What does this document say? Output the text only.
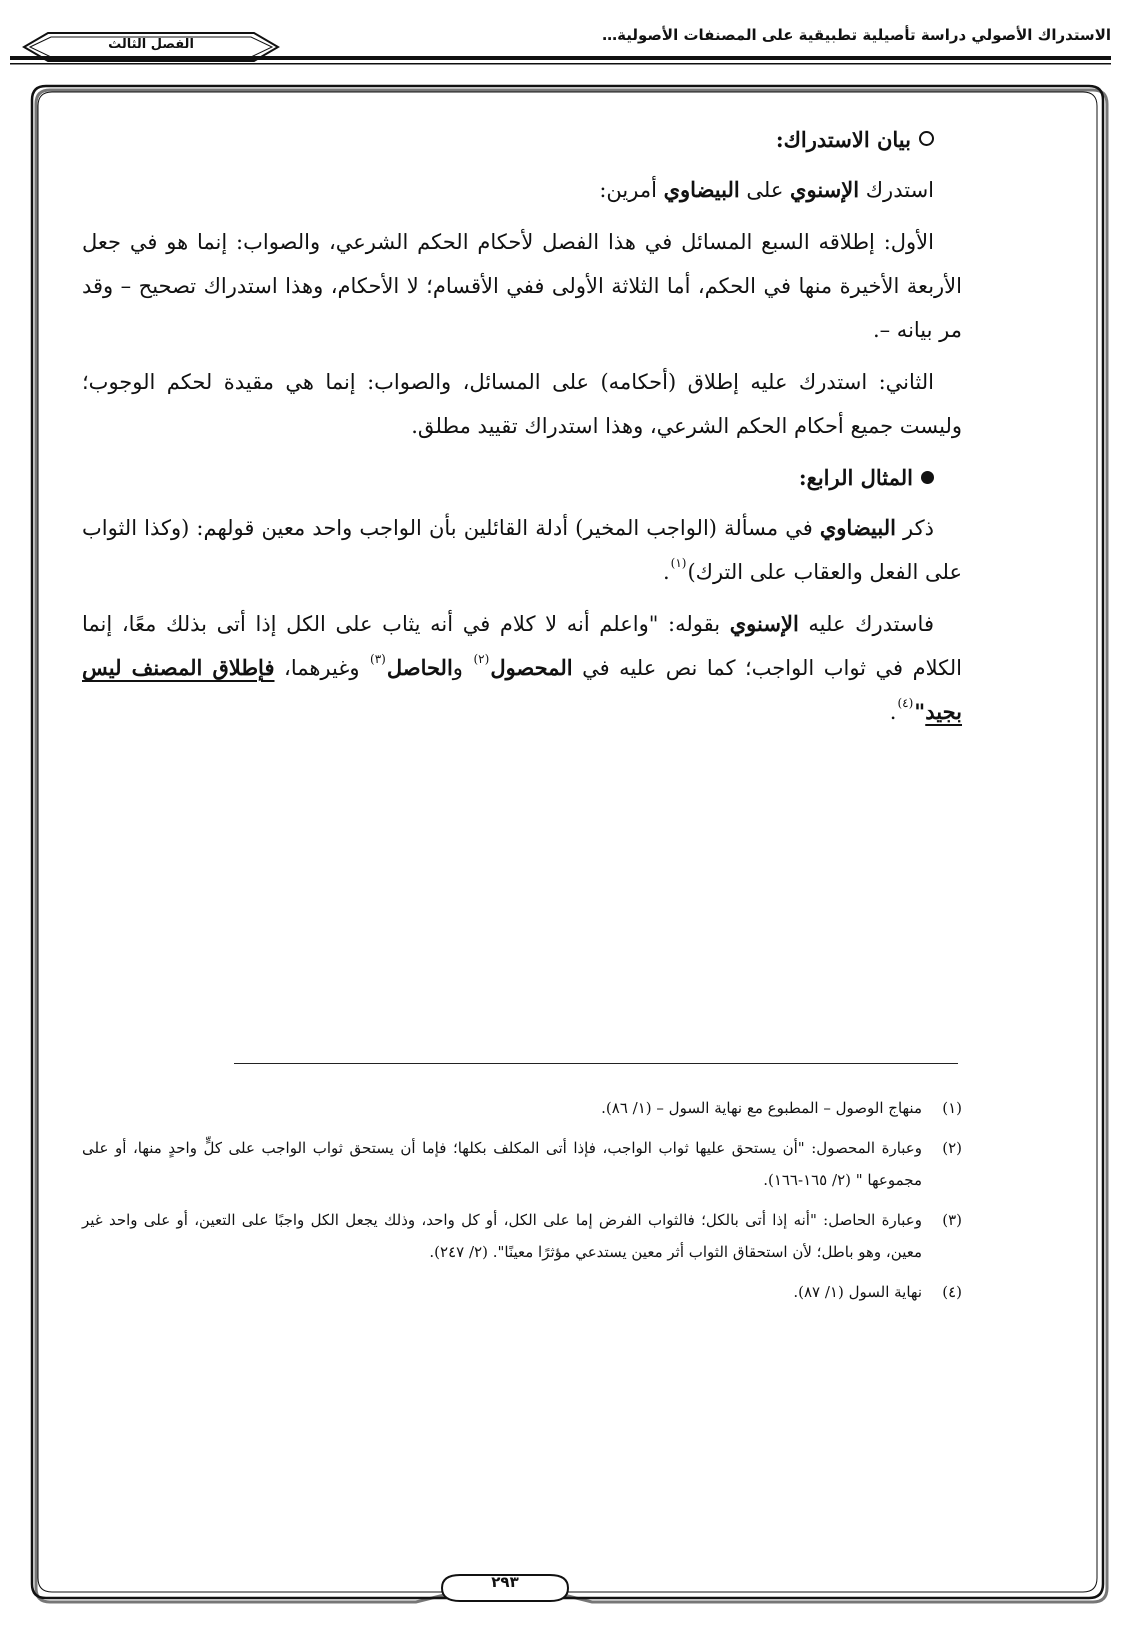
الاستدراك الأصولي دراسة تأصيلية تطبيقية على المصنفات الأصولية…
الفصل الثالث
بيان الاستدراك:

استدرك الإسنوي على البيضاوي أمرين:

الأول: إطلاقه السبع المسائل في هذا الفصل لأحكام الحكم الشرعي، والصواب: إنما هو في جعل الأربعة الأخيرة منها في الحكم، أما الثلاثة الأولى ففي الأقسام؛ لا الأحكام، وهذا استدراك تصحيح – وقد مر بيانه –.

الثاني: استدرك عليه إطلاق (أحكامه) على المسائل، والصواب: إنما هي مقيدة لحكم الوجوب؛ وليست جميع أحكام الحكم الشرعي، وهذا استدراك تقييد مطلق.

المثال الرابع:

ذكر البيضاوي في مسألة (الواجب المخير) أدلة القائلين بأن الواجب واحد معين قولهم: (وكذا الثواب على الفعل والعقاب على الترك)$^{(١)}$.

فاستدرك عليه الإسنوي بقوله: "واعلم أنه لا كلام في أنه يثاب على الكل إذا أتى بذلك معًا، إنما الكلام في ثواب الواجب؛ كما نص عليه في المحصول$^{(٢)}$ والحاصل$^{(٣)}$ وغيرهما، فإطلاق المصنف ليس بجيد"$^{(٤)}$.

(١)
منهاج الوصول – المطبوع مع نهاية السول – (١/ ٨٦).
(٢)
وعبارة المحصول: "أن يستحق عليها ثواب الواجب، فإذا أتى المكلف بكلها؛ فإما أن يستحق ثواب الواجب على كلٍّ واحدٍ منها، أو على مجموعها " (٢/ ١٦٥-١٦٦).
(٣)
وعبارة الحاصل: "أنه إذا أتى بالكل؛ فالثواب الفرض إما على الكل، أو كل واحد، وذلك يجعل الكل واجبًا على التعين، أو على واحد غير معين، وهو باطل؛ لأن استحقاق الثواب أثر معين يستدعي مؤثرًا معينًا". (٢/ ٢٤٧).
(٤)
نهاية السول (١/ ٨٧).
٢٩٣
